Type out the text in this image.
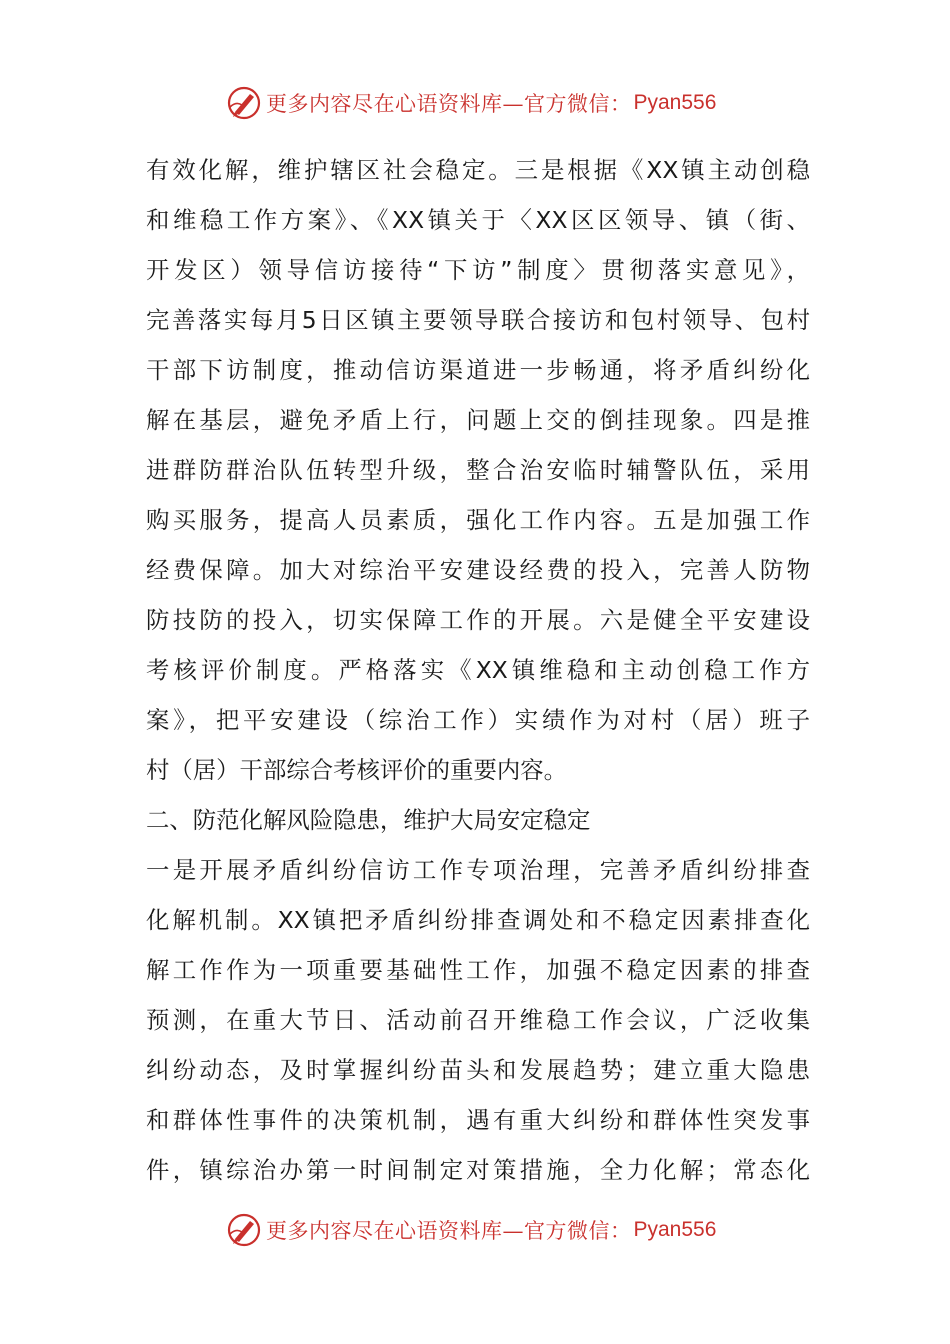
更多内容尽在心语资料库—官方微信： Pyan556
有效化解，维护辖区社会稳定。三是根据《XX镇主动创稳
和维稳工作方案》、《XX镇关于〈XX区区领导、镇（街、
开发区）领导信访接待“下访”制度〉贯彻落实意见》，
完善落实每月5日区镇主要领导联合接访和包村领导、包村
干部下访制度，推动信访渠道进一步畅通，将矛盾纠纷化
解在基层，避免矛盾上行，问题上交的倒挂现象。四是推
进群防群治队伍转型升级，整合治安临时辅警队伍，采用
购买服务，提高人员素质，强化工作内容。五是加强工作
经费保障。加大对综治平安建设经费的投入，完善人防物
防技防的投入，切实保障工作的开展。六是健全平安建设
考核评价制度。严格落实《XX镇维稳和主动创稳工作方
案》，把平安建设（综治工作）实绩作为对村（居）班子
村（居）干部综合考核评价的重要内容。
二、防范化解风险隐患，维护大局安定稳定
一是开展矛盾纠纷信访工作专项治理，完善矛盾纠纷排查
化解机制。XX镇把矛盾纠纷排查调处和不稳定因素排查化
解工作作为一项重要基础性工作，加强不稳定因素的排查
预测，在重大节日、活动前召开维稳工作会议，广泛收集
纠纷动态，及时掌握纠纷苗头和发展趋势；建立重大隐患
和群体性事件的决策机制，遇有重大纠纷和群体性突发事
件，镇综治办第一时间制定对策措施，全力化解；常态化
更多内容尽在心语资料库—官方微信： Pyan556
